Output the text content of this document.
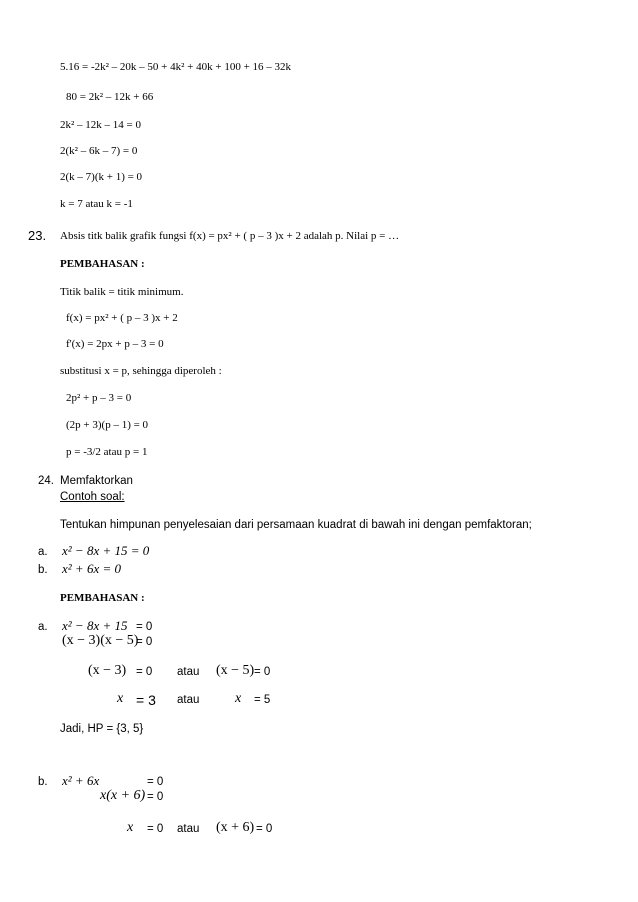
5.16 = -2k² – 20k – 50 + 4k² + 40k + 100 + 16 – 32k
80 = 2k² – 12k + 66
2k² – 12k – 14 = 0
2(k² – 6k – 7) = 0
2(k – 7)(k + 1) = 0
k = 7 atau k = -1
23. Absis titk balik grafik fungsi f(x) = px² + ( p – 3 )x + 2 adalah p. Nilai p = …
PEMBAHASAN :
Titik balik = titik minimum.
f(x) = px² + ( p – 3 )x + 2
f'(x) = 2px + p – 3 = 0
substitusi x = p, sehingga diperoleh :
2p² + p – 3 = 0
(2p + 3)(p – 1) = 0
p = -3/2 atau p = 1
24. Memfaktorkan
Contoh soal:
Tentukan himpunan penyelesaian dari persamaan kuadrat di bawah ini dengan pemfaktoran;
a. x² − 8x + 15 = 0
b. x² + 6x = 0
PEMBAHASAN :
a. x² − 8x + 15 = 0
(x − 3)(x − 5)
= 0
(x − 3) = 0 atau (x − 5) = 0
x = 3 atau	x = 5
Jadi, HP = {3, 5}
b. x² + 6x	= 0
x(x + 6) = 0
x = 0 atau (x + 6) = 0
